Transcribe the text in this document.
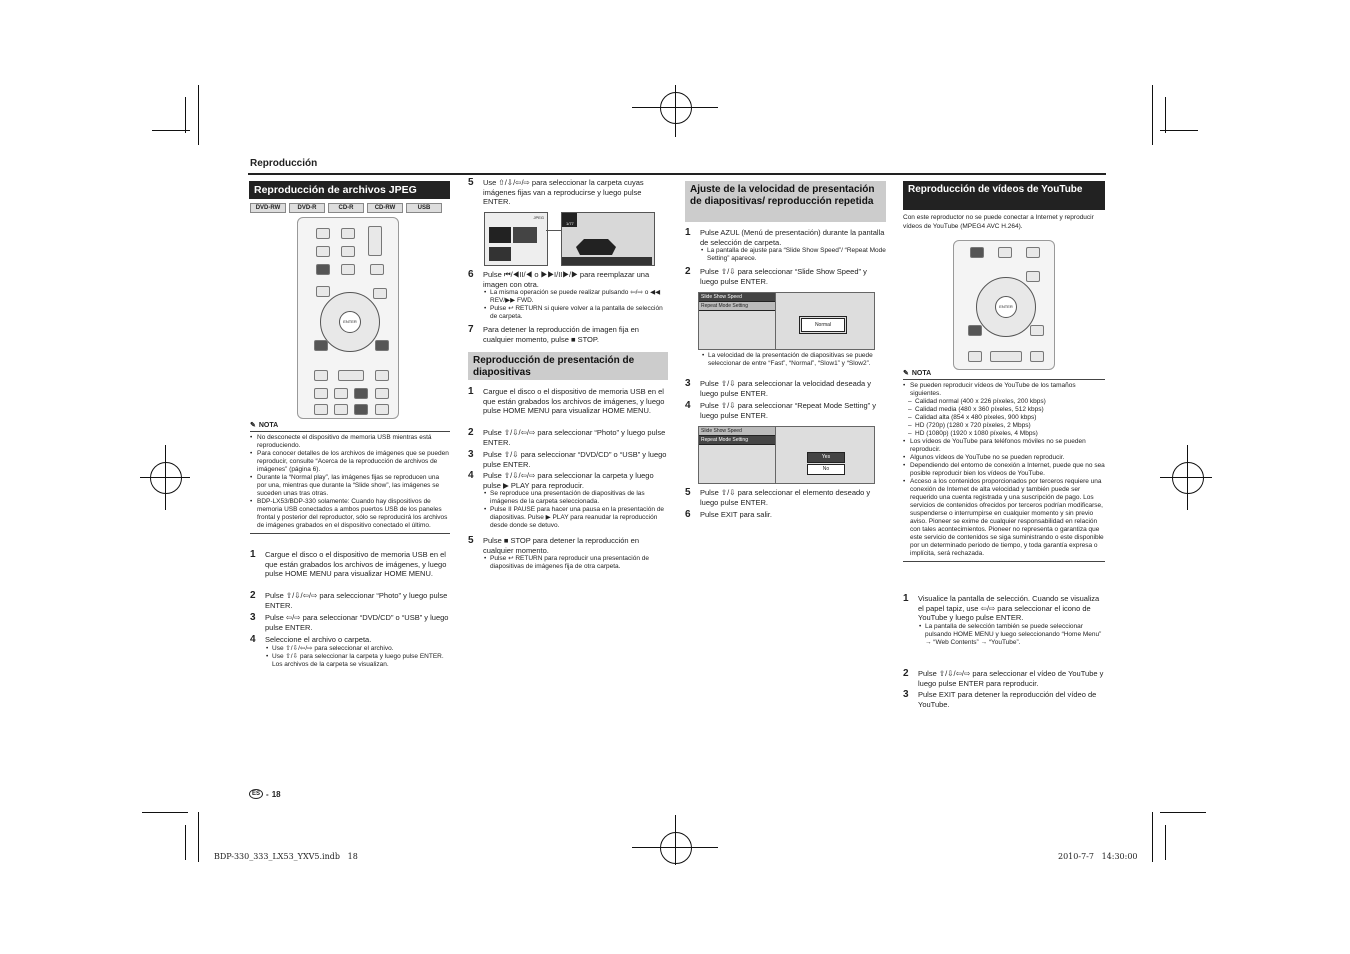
Reproducción
Reproducción de archivos JPEG
DVD-RW	DVD-R	CD-R	CD-RW	USB
ENTER
✎ NOTA
• No desconecte el dispositivo de memoria USB mientras está reproduciendo.
• Para conocer detalles de los archivos de imágenes que se pueden reproducir, consulte “Acerca de la reproducción de archivos de imágenes” (página 6).
• Durante la “Normal play”, las imágenes fijas se reproducen una por una, mientras que durante la “Slide show”, las imágenes se suceden unas tras otras.
• BDP-LX53/BDP-330 solamente: Cuando hay dispositivos de memoria USB conectados a ambos puertos USB de los paneles frontal y posterior del reproductor, sólo se reproducirá los archivos de imágenes grabados en el dispositivo conectado el último.
1 Cargue el disco o el dispositivo de memoria USB en el que están grabados los archivos de imágenes, y luego pulse HOME MENU para visualizar HOME MENU.
2 Pulse ⇧/⇩/⇦/⇨ para seleccionar “Photo” y luego pulse ENTER.
3 Pulse ⇦/⇨ para seleccionar “DVD/CD” o “USB” y luego pulse ENTER.
4 Seleccione el archivo o carpeta.
• Use ⇧/⇩/⇦/⇨ para seleccionar el archivo.
• Use ⇧/⇩ para seleccionar la carpeta y luego pulse ENTER. Los archivos de la carpeta se visualizan.
5 Use ⇧/⇩/⇦/⇨ para seleccionar la carpeta cuyas imágenes fijas van a reproducirse y luego pulse ENTER.
JPEG
1/77
6 Pulse ⏮/◀II/◀ o ▶▶I/II▶/▶ para reemplazar una imagen con otra.
• La misma operación se puede realizar pulsando ⇦/⇨ o ◀◀ REV/▶▶ FWD.
• Pulse ↩ RETURN si quiere volver a la pantalla de selección de carpeta.
7 Para detener la reproducción de imagen fija en cualquier momento, pulse ■ STOP.
Reproducción de presentación de diapositivas
1 Cargue el disco o el dispositivo de memoria USB en el que están grabados los archivos de imágenes, y luego pulse HOME MENU para visualizar HOME MENU.
2 Pulse ⇧/⇩/⇦/⇨ para seleccionar “Photo” y luego pulse ENTER.
3 Pulse ⇧/⇩ para seleccionar “DVD/CD” o “USB” y luego pulse ENTER.
4 Pulse ⇧/⇩/⇦/⇨ para seleccionar la carpeta y luego pulse ▶ PLAY para reproducir.
• Se reproduce una presentación de diapositivas de las imágenes de la carpeta seleccionada.
• Pulse II PAUSE para hacer una pausa en la presentación de diapositivas. Pulse ▶ PLAY para reanudar la reproducción desde donde se detuvo.
5 Pulse ■ STOP para detener la reproducción en cualquier momento.
• Pulse ↩ RETURN para reproducir una presentación de diapositivas de imágenes fija de otra carpeta.
Ajuste de la velocidad de presentación de diapositivas/ reproducción repetida
1 Pulse AZUL (Menú de presentación) durante la pantalla de selección de carpeta.
• La pantalla de ajuste para “Slide Show Speed”/ “Repeat Mode Setting” aparece.
2 Pulse ⇧/⇩ para seleccionar “Slide Show Speed” y luego pulse ENTER.
Slide Show Speed
Repeat Mode Setting
Normal
• La velocidad de la presentación de diapositivas se puede seleccionar de entre “Fast”, “Normal”, “Slow1” y “Slow2”.
3 Pulse ⇧/⇩ para seleccionar la velocidad deseada y luego pulse ENTER.
4 Pulse ⇧/⇩ para seleccionar “Repeat Mode Setting” y luego pulse ENTER.
Slide Show Speed
Repeat Mode Setting
Yes
No
5 Pulse ⇧/⇩ para seleccionar el elemento deseado y luego pulse ENTER.
6 Pulse EXIT para salir.
Reproducción de vídeos de YouTube
Con este reproductor no se puede conectar a Internet y reproducir vídeos de YouTube (MPEG4 AVC H.264).
ENTER
✎ NOTA
• Se pueden reproducir vídeos de YouTube de los tamaños siguientes.
– Calidad normal (400 x 226 píxeles, 200 kbps)
– Calidad media (480 x 360 píxeles, 512 kbps)
– Calidad alta (854 x 480 píxeles, 900 kbps)
– HD (720p) (1280 x 720 píxeles, 2 Mbps)
– HD (1080p) (1920 x 1080 píxeles, 4 Mbps)
• Los vídeos de YouTube para teléfonos móviles no se pueden reproducir.
• Algunos vídeos de YouTube no se pueden reproducir.
• Dependiendo del entorno de conexión a Internet, puede que no sea posible reproducir bien los vídeos de YouTube.
• Acceso a los contenidos proporcionados por terceros requiere una conexión de Internet de alta velocidad y también puede ser requerido una cuenta registrada y una suscripción de pago. Los servicios de contenidos ofrecidos por terceros podrían modificarse, suspenderse o interrumpirse en cualquier momento y sin previo aviso. Pioneer se exime de cualquier responsabilidad en relación con tales acontecimientos. Pioneer no representa o garantiza que este servicio de contenidos se siga suministrando o este disponible por un determinado periodo de tiempo, y toda garantía expresa o implícita, será rechazada.
1 Visualice la pantalla de selección. Cuando se visualiza el papel tapiz, use ⇦/⇨ para seleccionar el icono de YouTube y luego pulse ENTER.
• La pantalla de selección también se puede seleccionar pulsando HOME MENU y luego seleccionando “Home Menu” → “Web Contents” → “YouTube”.
2 Pulse ⇧/⇩/⇦/⇨ para seleccionar el vídeo de YouTube y luego pulse ENTER para reproducir.
3 Pulse EXIT para detener la reproducción del vídeo de YouTube.
ES - 18
BDP-330_333_LX53_YXV5.indb   18	2010-7-7   14:30:00
